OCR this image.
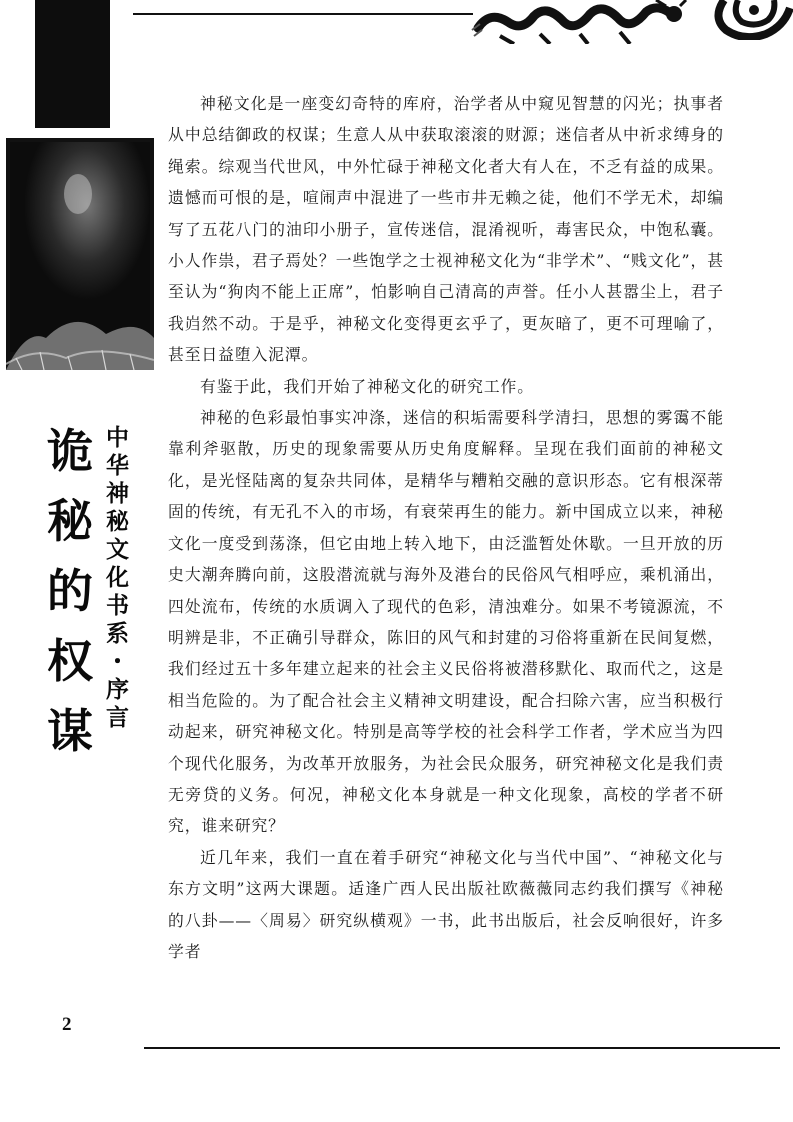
诡
秘
的
权
谋 中华神秘文化书系・序言

神秘文化是一座变幻奇特的库府，治学者从中窥见智慧的闪光；执事者从中总结御政的权谋；生意人从中获取滚滚的财源；迷信者从中祈求缚身的绳索。综观当代世风，中外忙碌于神秘文化者大有人在，不乏有益的成果。遗憾而可恨的是，喧闹声中混进了一些市井无赖之徒，他们不学无术，却编写了五花八门的油印小册子，宣传迷信，混淆视听，毒害民众，中饱私囊。小人作祟，君子焉处？一些饱学之士视神秘文化为“非学术”、“贱文化”，甚至认为“狗肉不能上正席”，怕影响自己清高的声誉。任小人甚嚣尘上，君子我岿然不动。于是乎，神秘文化变得更玄乎了，更灰暗了，更不可理喻了，甚至日益堕入泥潭。

有鉴于此，我们开始了神秘文化的研究工作。

神秘的色彩最怕事实冲涤，迷信的积垢需要科学清扫，思想的雾霭不能靠利斧驱散，历史的现象需要从历史角度解释。呈现在我们面前的神秘文化，是光怪陆离的复杂共同体，是精华与糟粕交融的意识形态。它有根深蒂固的传统，有无孔不入的市场，有衰荣再生的能力。新中国成立以来，神秘文化一度受到荡涤，但它由地上转入地下，由泛滥暂处休歇。一旦开放的历史大潮奔腾向前，这股潜流就与海外及港台的民俗风气相呼应，乘机涌出，四处流布，传统的水质调入了现代的色彩，清浊难分。如果不考镜源流，不明辨是非，不正确引导群众，陈旧的风气和封建的习俗将重新在民间复燃，我们经过五十多年建立起来的社会主义民俗将被潜移默化、取而代之，这是相当危险的。为了配合社会主义精神文明建设，配合扫除六害，应当积极行动起来，研究神秘文化。特别是高等学校的社会科学工作者，学术应当为四个现代化服务，为改革开放服务，为社会民众服务，研究神秘文化是我们责无旁贷的义务。何况，神秘文化本身就是一种文化现象，高校的学者不研究，谁来研究？

近几年来，我们一直在着手研究“神秘文化与当代中国”、“神秘文化与东方文明”这两大课题。适逢广西人民出版社欧薇薇同志约我们撰写《神秘的八卦——〈周易〉研究纵横观》一书，此书出版后，社会反响很好，许多学者

2
